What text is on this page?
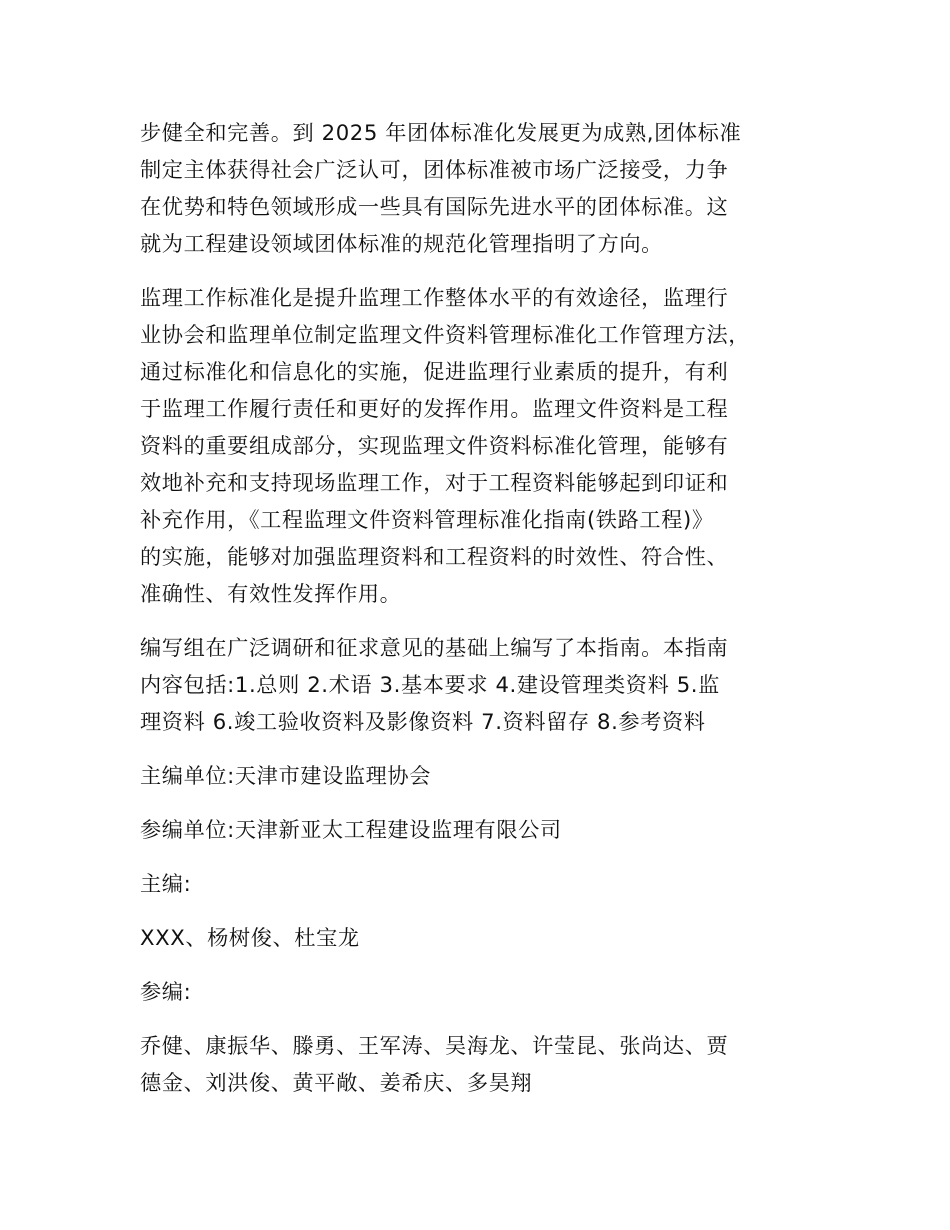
步健全和完善。到 2025 年团体标准化发展更为成熟,团体标准
制定主体获得社会广泛认可，团体标准被市场广泛接受，力争
在优势和特色领域形成一些具有国际先进水平的团体标准。这
就为工程建设领域团体标准的规范化管理指明了方向。

监理工作标准化是提升监理工作整体水平的有效途径，监理行
业协会和监理单位制定监理文件资料管理标准化工作管理方法，
通过标准化和信息化的实施，促进监理行业素质的提升，有利
于监理工作履行责任和更好的发挥作用。监理文件资料是工程
资料的重要组成部分，实现监理文件资料标准化管理，能够有
效地补充和支持现场监理工作，对于工程资料能够起到印证和
补充作用，《工程监理文件资料管理标准化指南(铁路工程)》
的实施，能够对加强监理资料和工程资料的时效性、符合性、
准确性、有效性发挥作用。

编写组在广泛调研和征求意见的基础上编写了本指南。本指南
内容包括:1.总则 2.术语 3.基本要求 4.建设管理类资料 5.监
理资料 6.竣工验收资料及影像资料 7.资料留存 8.参考资料

主编单位:天津市建设监理协会

参编单位:天津新亚太工程建设监理有限公司

主编:

XXX、杨树俊、杜宝龙

参编:

乔健、康振华、滕勇、王军涛、吴海龙、许莹昆、张尚达、贾
德金、刘洪俊、黄平敞、姜希庆、多昊翔
